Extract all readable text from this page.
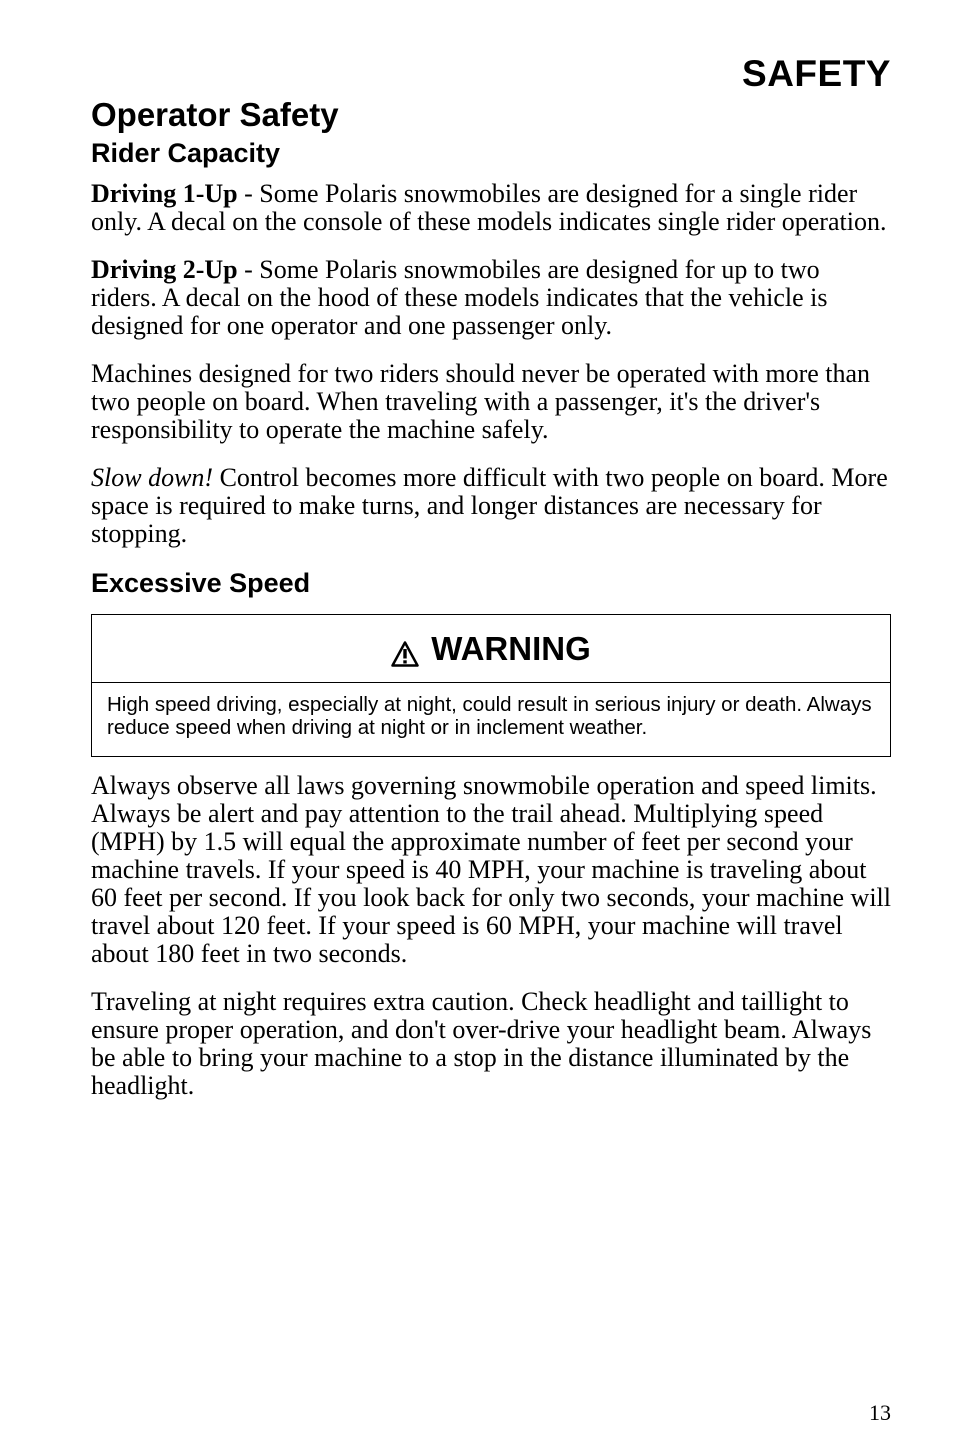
SAFETY
Operator Safety
Rider Capacity

Driving 1-Up - Some Polaris snowmobiles are designed for a single rider only. A decal on the console of these models indicates single rider operation.

Driving 2-Up - Some Polaris snowmobiles are designed for up to two riders. A decal on the hood of these models indicates that the vehicle is designed for one operator and one passenger only.

Machines designed for two riders should never be operated with more than two people on board. When traveling with a passenger, it's the driver's responsibility to operate the machine safely.

Slow down! Control becomes more difficult with two people on board. More space is required to make turns, and longer distances are necessary for stopping.

Excessive Speed
WARNING
High speed driving, especially at night, could result in serious injury or death. Always reduce speed when driving at night or in inclement weather.

Always observe all laws governing snowmobile operation and speed limits. Always be alert and pay attention to the trail ahead. Multiplying speed (MPH) by 1.5 will equal the approximate number of feet per second your machine travels. If your speed is 40 MPH, your machine is traveling about 60 feet per second. If you look back for only two seconds, your machine will travel about 120 feet. If your speed is 60 MPH, your machine will travel about 180 feet in two seconds.

Traveling at night requires extra caution. Check headlight and taillight to ensure proper operation, and don't over-drive your headlight beam. Always be able to bring your machine to a stop in the distance illuminated by the headlight.

13
